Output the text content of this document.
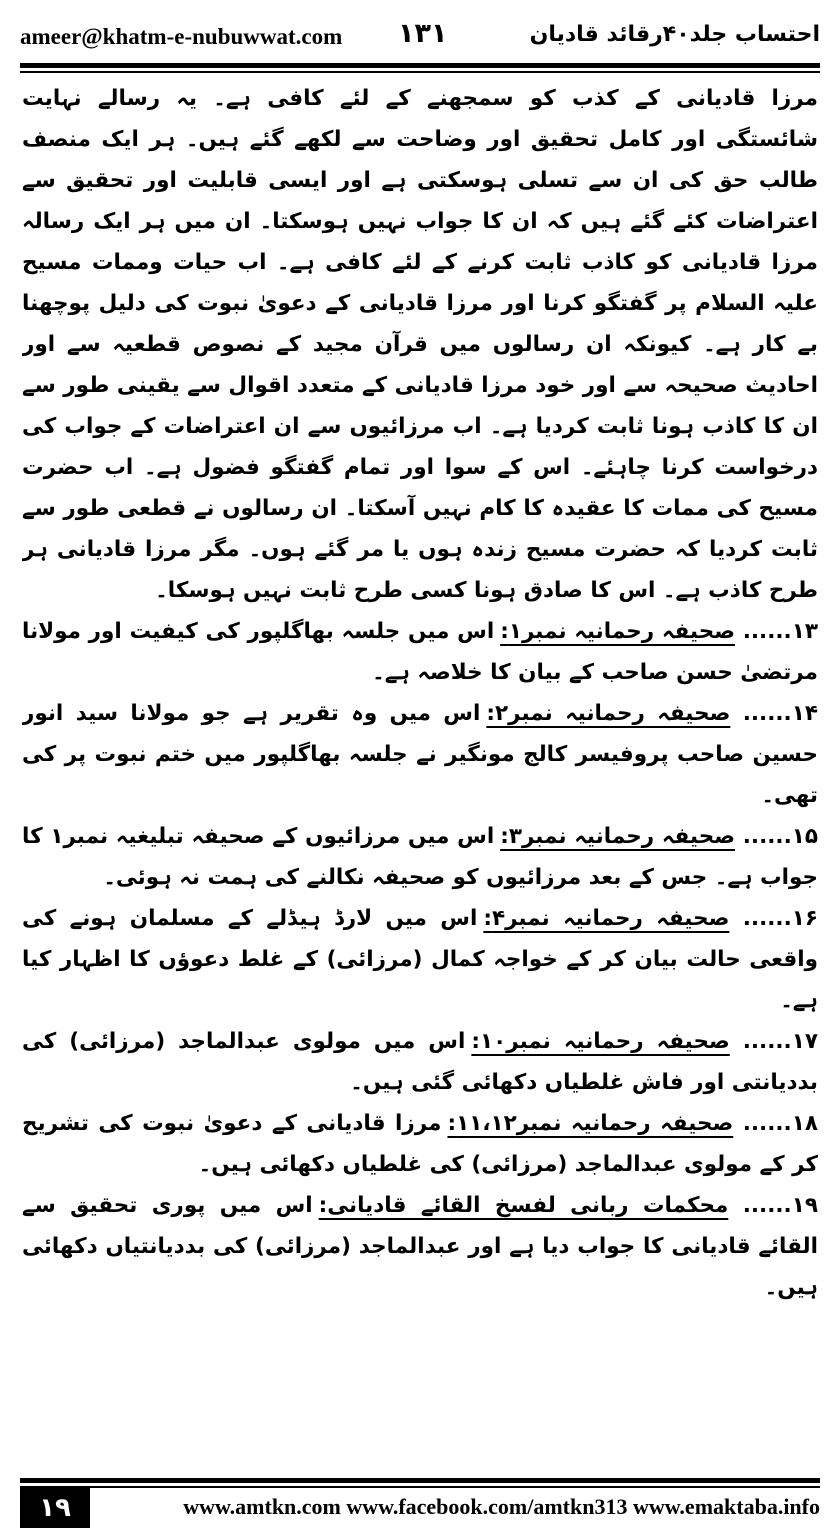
ameer@khatm-e-nubuwwat.com ۱۳۱	احتساب جلد۴۰رقائد قادیان

مرزا قادیانی کے کذب کو سمجھنے کے لئے کافی ہے۔ یہ رسالے نہایت شائستگی اور کامل تحقیق اور وضاحت سے لکھے گئے ہیں۔ ہر ایک منصف طالب حق کی ان سے تسلی ہوسکتی ہے اور ایسی قابلیت اور تحقیق سے اعتراضات کئے گئے ہیں کہ ان کا جواب نہیں ہوسکتا۔ ان میں ہر ایک رسالہ مرزا قادیانی کو کاذب ثابت کرنے کے لئے کافی ہے۔ اب حیات وممات مسیح علیہ السلام پر گفتگو کرنا اور مرزا قادیانی کے دعویٰ نبوت کی دلیل پوچھنا بے کار ہے۔ کیونکہ ان رسالوں میں قرآن مجید کے نصوص قطعیہ سے اور احادیث صحیحہ سے اور خود مرزا قادیانی کے متعدد اقوال سے یقینی طور سے ان کا کاذب ہونا ثابت کردیا ہے۔ اب مرزائیوں سے ان اعتراضات کے جواب کی درخواست کرنا چاہئے۔ اس کے سوا اور تمام گفتگو فضول ہے۔ اب حضرت مسیح کی ممات کا عقیدہ کا کام نہیں آسکتا۔ ان رسالوں نے قطعی طور سے ثابت کردیا کہ حضرت مسیح زندہ ہوں یا مر گئے ہوں۔ مگر مرزا قادیانی ہر طرح کاذب ہے۔ اس کا صادق ہونا کسی طرح ثابت نہیں ہوسکا۔

۱۳...... صحیفہ رحمانیہ نمبر۱:اس میں جلسہ بھاگلپور کی کیفیت اور مولانا مرتضیٰ حسن صاحب کے بیان کا خلاصہ ہے۔

۱۴...... صحیفہ رحمانیہ نمبر۲:اس میں وہ تقریر ہے جو مولانا سید انور حسین صاحب پروفیسر کالج مونگیر نے جلسہ بھاگلپور میں ختم نبوت پر کی تھی۔

۱۵...... صحیفہ رحمانیہ نمبر۳:اس میں مرزائیوں کے صحیفہ تبلیغیہ نمبر۱ کا جواب ہے۔ جس کے بعد مرزائیوں کو صحیفہ نکالنے کی ہمت نہ ہوئی۔

۱۶...... صحیفہ رحمانیہ نمبر۴:اس میں لارڈ ہیڈلے کے مسلمان ہونے کی واقعی حالت بیان کر کے خواجہ کمال (مرزائی) کے غلط دعوؤں کا اظہار کیا ہے۔

۱۷...... صحیفہ رحمانیہ نمبر۱۰:اس میں مولوی عبدالماجد (مرزائی) کی بددیانتی اور فاش غلطیاں دکھائی گئی ہیں۔

۱۸...... صحیفہ رحمانیہ نمبر۱۱،۱۲:مرزا قادیانی کے دعویٰ نبوت کی تشریح کر کے مولوی عبدالماجد (مرزائی) کی غلطیاں دکھائی ہیں۔

۱۹...... محکمات ربانی لفسخ القائے قادیانی:اس میں پوری تحقیق سے القائے قادیانی کا جواب دیا ہے اور عبدالماجد (مرزائی) کی بددیانتیاں دکھائی ہیں۔

۱۹	www.amtkn.com www.facebook.com/amtkn313 www.emaktaba.info
